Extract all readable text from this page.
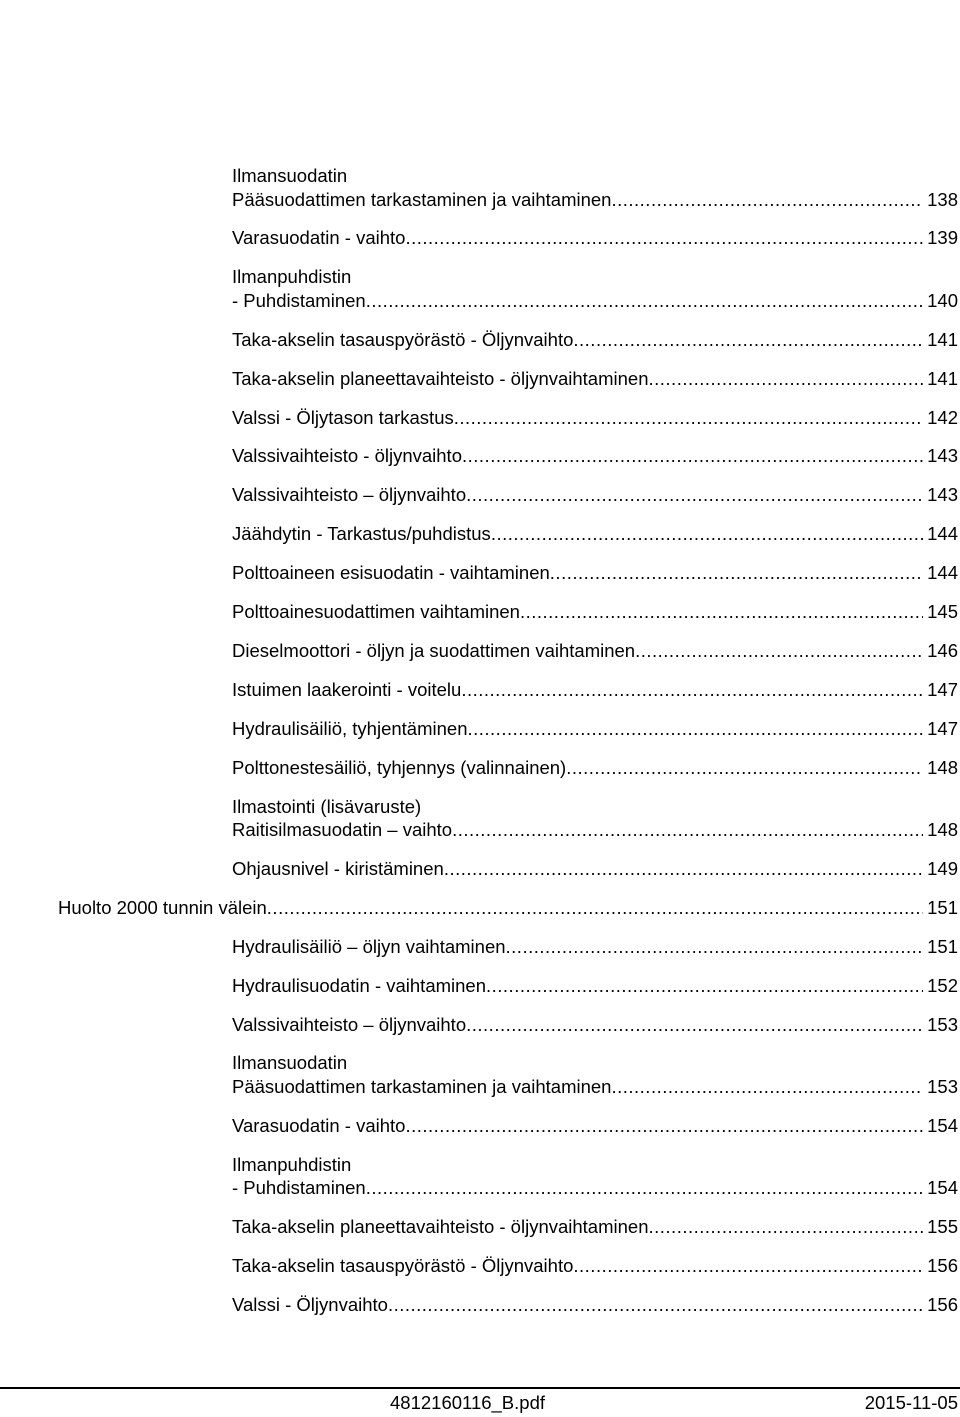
Ilmansuodatin
Pääsuodattimen tarkastaminen ja vaihtaminen .....	138
Varasuodatin - vaihto .....	139
Ilmanpuhdistin
- Puhdistaminen .....	140
Taka-akselin tasauspyörästö - Öljynvaihto .....	141
Taka-akselin planeettavaihteisto - öljynvaihtaminen .....	141
Valssi - Öljytason tarkastus .....	142
Valssivaihteisto - öljynvaihto .....	143
Valssivaihteisto – öljynvaihto .....	143
Jäähdytin - Tarkastus/puhdistus .....	144
Polttoaineen esisuodatin - vaihtaminen .....	144
Polttoainesuodattimen vaihtaminen .....	145
Dieselmoottori - öljyn ja suodattimen vaihtaminen .....	146
Istuimen laakerointi - voitelu .....	147
Hydraulisäiliö, tyhjentäminen .....	147
Polttonestesäiliö, tyhjennys (valinnainen) .....	148
Ilmastointi (lisävaruste)
Raitisilmasuodatin – vaihto .....	148
Ohjausnivel - kiristäminen .....	149
Huolto 2000 tunnin välein .....	151
Hydraulisäiliö – öljyn vaihtaminen .....	151
Hydraulisuodatin - vaihtaminen .....	152
Valssivaihteisto – öljynvaihto .....	153
Ilmansuodatin
Pääsuodattimen tarkastaminen ja vaihtaminen .....	153
Varasuodatin - vaihto .....	154
Ilmanpuhdistin
- Puhdistaminen .....	154
Taka-akselin planeettavaihteisto - öljynvaihtaminen .....	155
Taka-akselin tasauspyörästö - Öljynvaihto .....	156
Valssi - Öljynvaihto .....	156
4812160116_B.pdf	2015-11-05
